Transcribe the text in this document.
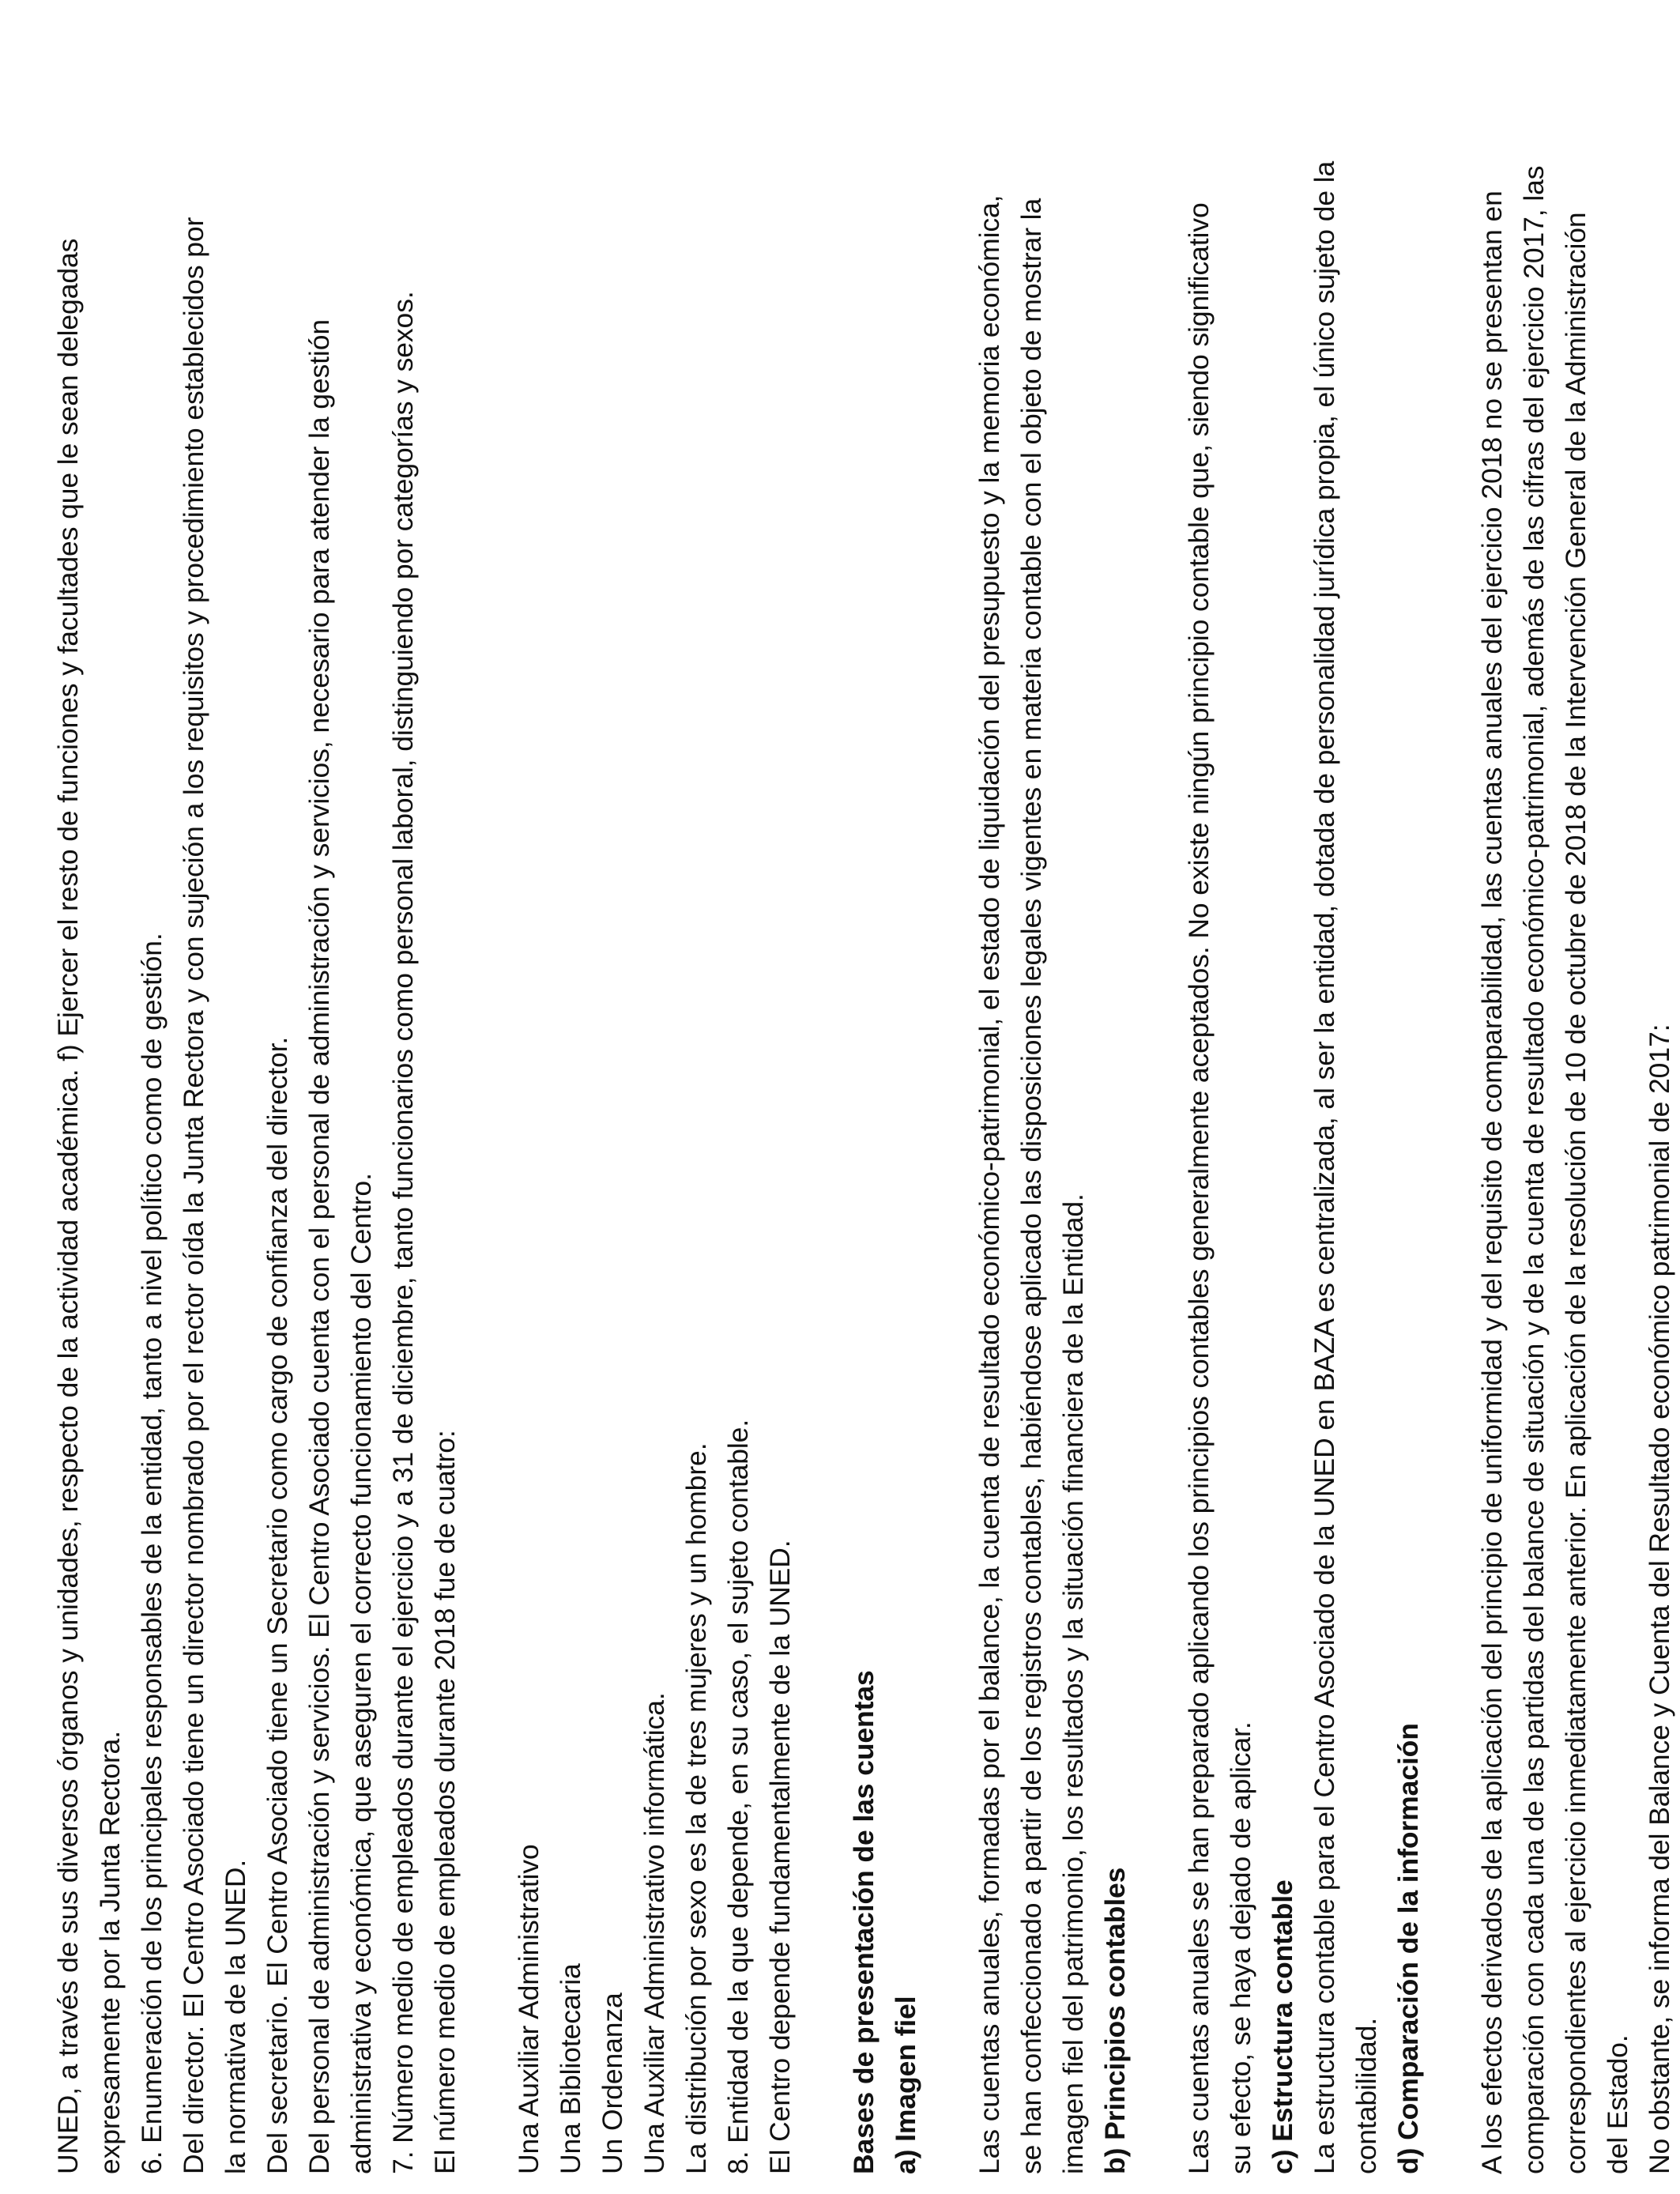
UNED, a través de sus diversos órganos y unidades, respecto de la actividad académica. f) Ejercer el resto de funciones y facultades que le sean delegadas expresamente por la Junta Rectora. 6. Enumeración de los principales responsables de la entidad, tanto a nivel político como de gestión. Del director. El Centro Asociado tiene un director nombrado por el rector oída la Junta Rectora y con sujeción a los requisitos y procedimiento establecidos por la normativa de la UNED. Del secretario. El Centro Asociado tiene un Secretario como cargo de confianza del director. Del personal de administración y servicios. El Centro Asociado cuenta con el personal de administración y servicios, necesario para atender la gestión administrativa y económica, que aseguren el correcto funcionamiento del Centro. 7. Número medio de empleados durante el ejercicio y a 31 de diciembre, tanto funcionarios como personal laboral, distinguiendo por categorías y sexos. El número medio de empleados durante 2018 fue de cuatro: Una Auxiliar Administrativo Una Bibliotecaria Un Ordenanza Una Auxiliar Administrativo informática. La distribución por sexo es la de tres mujeres y un hombre. 8. Entidad de la que depende, en su caso, el sujeto contable. El Centro depende fundamentalmente de la UNED. Bases de presentación de las cuentas a) Imagen fiel Las cuentas anuales, formadas por el balance, la cuenta de resultado económico-patrimonial, el estado de liquidación del presupuesto y la memoria económica, se han confeccionado a partir de los registros contables, habiéndose aplicado las disposiciones legales vigentes en materia contable con el objeto de mostrar la imagen fiel del patrimonio, los resultados y la situación financiera de la Entidad. b) Principios contables Las cuentas anuales se han preparado aplicando los principios contables generalmente aceptados. No existe ningún principio contable que, siendo significativo su efecto, se haya dejado de aplicar. c) Estructura contable La estructura contable para el Centro Asociado de la UNED en BAZA es centralizada, al ser la entidad, dotada de personalidad jurídica propia, el único sujeto de la contabilidad. d) Comparación de la información A los efectos derivados de la aplicación del principio de uniformidad y del requisito de comparabilidad, las cuentas anuales del ejercicio 2018 no se presentan en comparación con cada una de las partidas del balance de situación y de la cuenta de resultado económico-patrimonial, además de las cifras del ejercicio 2017, las correspondientes al ejercicio inmediatamente anterior. En aplicación de la resolución de 10 de octubre de 2018 de la Intervención General de la Administración del Estado. No obstante, se informa del Balance y Cuenta del Resultado económico patrimonial de 2017:
